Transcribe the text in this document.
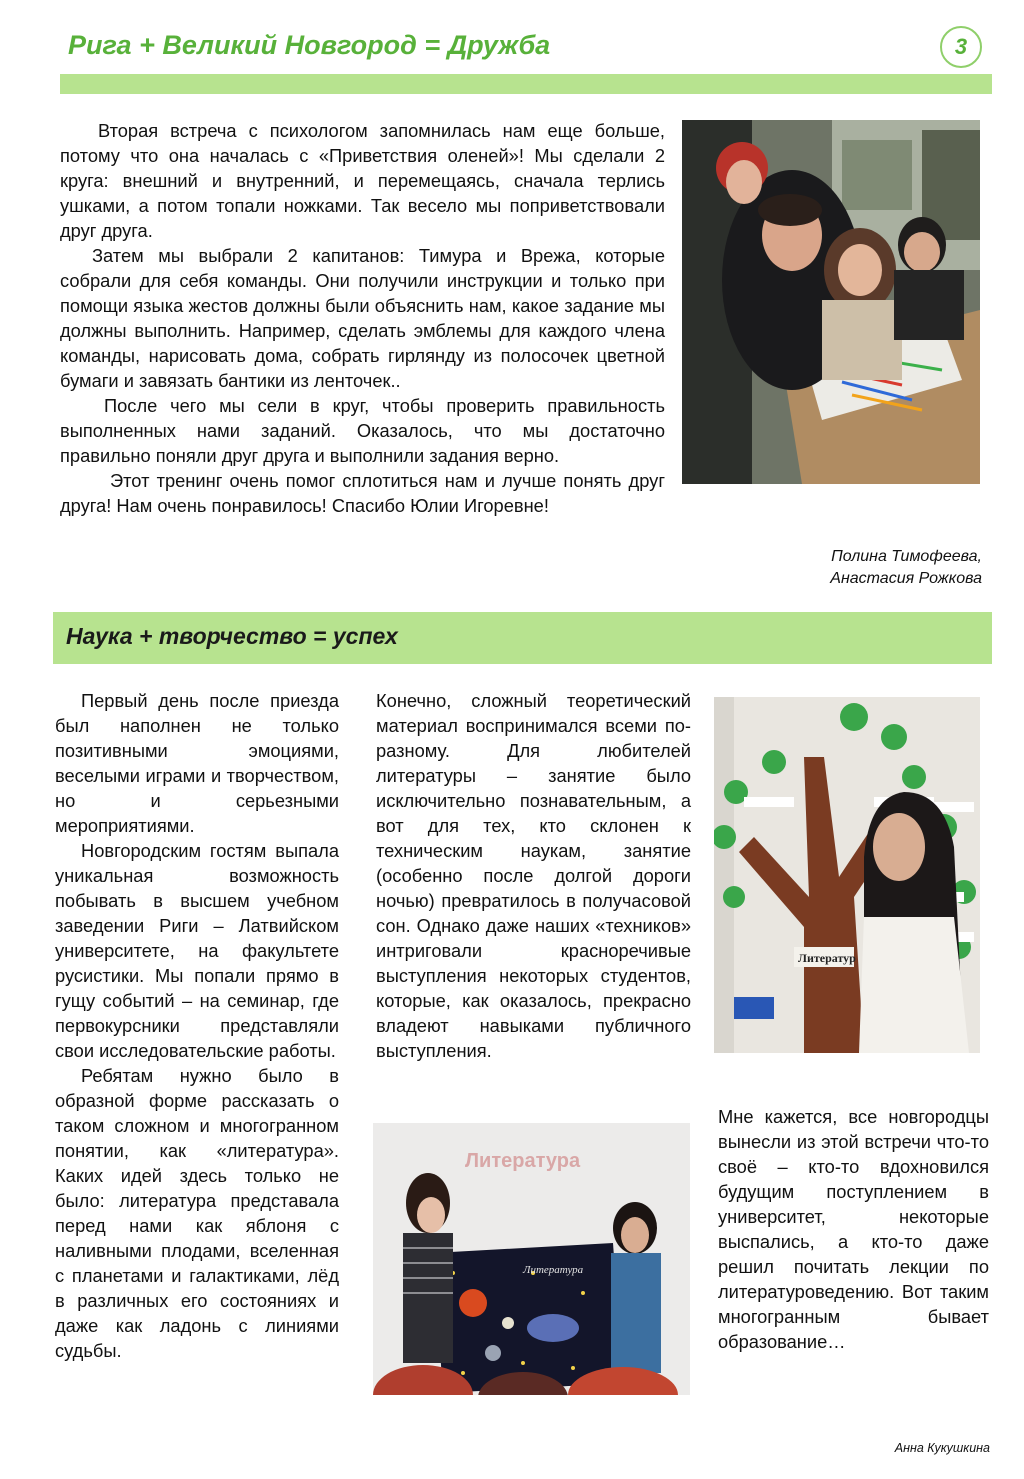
Рига + Великий Новгород = Дружба	3

Вторая встреча с психологом запомнилась нам еще больше, потому что она началась с «Приветствия оленей»! Мы сделали 2 круга: внешний и внутренний, и перемещаясь, сначала терлись ушками, а потом топали ножками. Так весело мы поприветствовали друг друга.

Затем мы выбрали 2 капитанов: Тимура и Врежа, которые собрали для себя команды. Они получили инструкции и только при помощи языка жестов должны были объяснить нам, какое задание мы должны выполнить. Например, сделать эмблемы для каждого члена команды, нарисовать дома, собрать гирлянду из полосочек цветной бумаги и завязать бантики из ленточек..

После чего мы сели в круг, чтобы проверить правильность выполненных нами заданий. Оказалось, что мы достаточно правильно поняли друг друга и выполнили задания верно.

Этот тренинг очень помог сплотиться нам и лучше понять друг друга! Нам очень понравилось! Спасибо Юлии Игоревне!

Полина Тимофеева,
Анастасия Рожкова
Наука + творчество = успех

Первый день после приезда был наполнен не только позитивными эмоциями, веселыми играми и творчеством, но и серьезными мероприятиями.

Новгородским гостям выпала уникальная возможность побывать в высшем учебном заведении Риги – Латвийском университете, на факультете русистики. Мы попали прямо в гущу событий – на семинар, где первокурсники представляли свои исследовательские работы.

Ребятам нужно было в образной форме рассказать о таком сложном и многогранном понятии, как «литература». Каких идей здесь только не было: литература представала перед нами как яблоня с наливными плодами, вселенная с планетами и галактиками, лёд в различных его состояниях и даже как ладонь с линиями судьбы.

Конечно, сложный теоретический материал воспринимался всеми по-разному. Для любителей литературы – занятие было исключительно познавательным, а вот для тех, кто склонен к техническим наукам, занятие (особенно после долгой дороги ночью) превратилось в получасовой сон. Однако даже наших «техников» интриговали красноречивые выступления некоторых студентов, которые, как оказалось, прекрасно владеют навыками публичного выступления.

Литератур
Литература
Литература

Мне кажется, все новгородцы вынесли из этой встречи что-то своё – кто-то вдохновился будущим поступлением в университет, некоторые выспались, а кто-то даже решил почитать лекции по литературоведению. Вот таким многогранным бывает образование…

Анна Кукушкина
